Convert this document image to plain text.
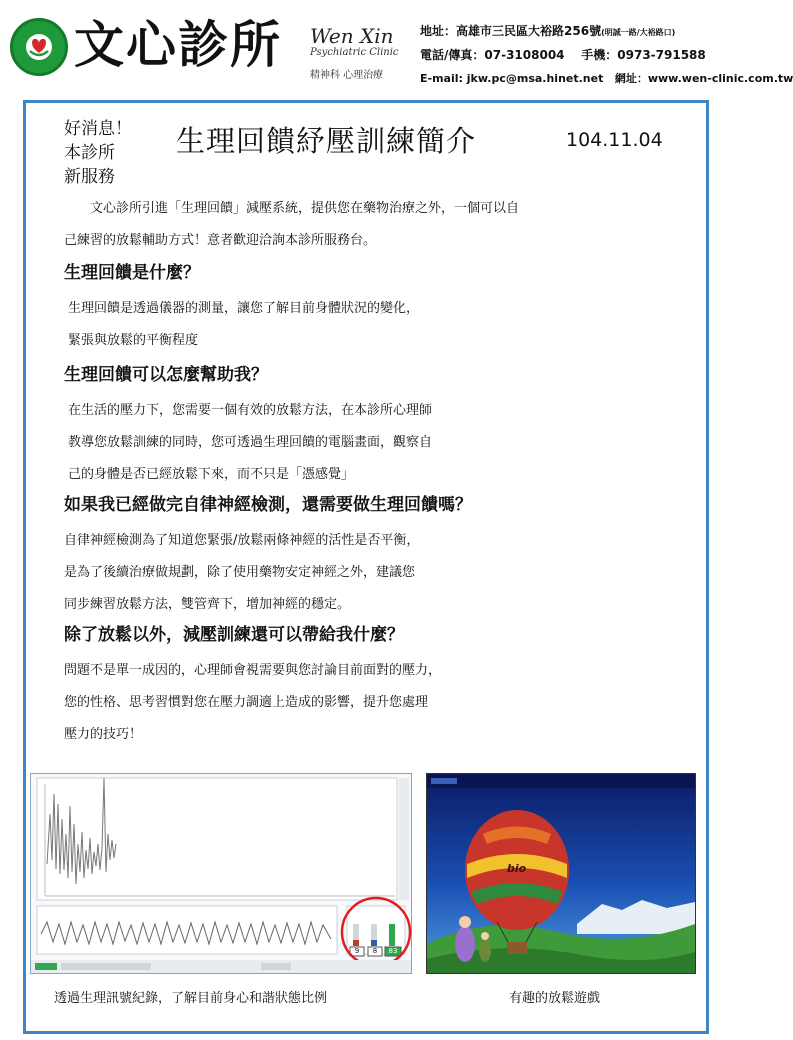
文心診所 Wen Xin
Psychiatric Clinic
精神科 心理治療
地址：高雄市三民區大裕路256號(明誠一路/大裕路口)
電話/傳真：07-3108004 手機：0973-791588
E-mail: jkw.pc@msa.hinet.net 網址：www.wen-clinic.com.tw
好消息！
本診所
新服務
生理回饋紓壓訓練簡介	104.11.04
文心診所引進「生理回饋」減壓系統，提供您在藥物治療之外，一個可以自
己練習的放鬆輔助方式！意者歡迎洽詢本診所服務台。
生理回饋是什麼？
生理回饋是透過儀器的測量，讓您了解目前身體狀況的變化，
緊張與放鬆的平衡程度
生理回饋可以怎麼幫助我？
在生活的壓力下，您需要一個有效的放鬆方法，在本診所心理師
教導您放鬆訓練的同時，您可透過生理回饋的電腦畫面，觀察自
己的身體是否已經放鬆下來，而不只是「憑感覺」
如果我已經做完自律神經檢測，還需要做生理回饋嗎？
自律神經檢測為了知道您緊張/放鬆兩條神經的活性是否平衡，
是為了後續治療做規劃，除了使用藥物安定神經之外，建議您
同步練習放鬆方法，雙管齊下，增加神經的穩定。
除了放鬆以外，減壓訓練還可以帶給我什麼？
問題不是單一成因的，心理師會視需要與您討論目前面對的壓力，
您的性格、思考習慣對您在壓力調適上造成的影響，提升您處理
壓力的技巧！
9	8	83
bio
透過生理訊號紀錄，了解目前身心和諧狀態比例	有趣的放鬆遊戲
